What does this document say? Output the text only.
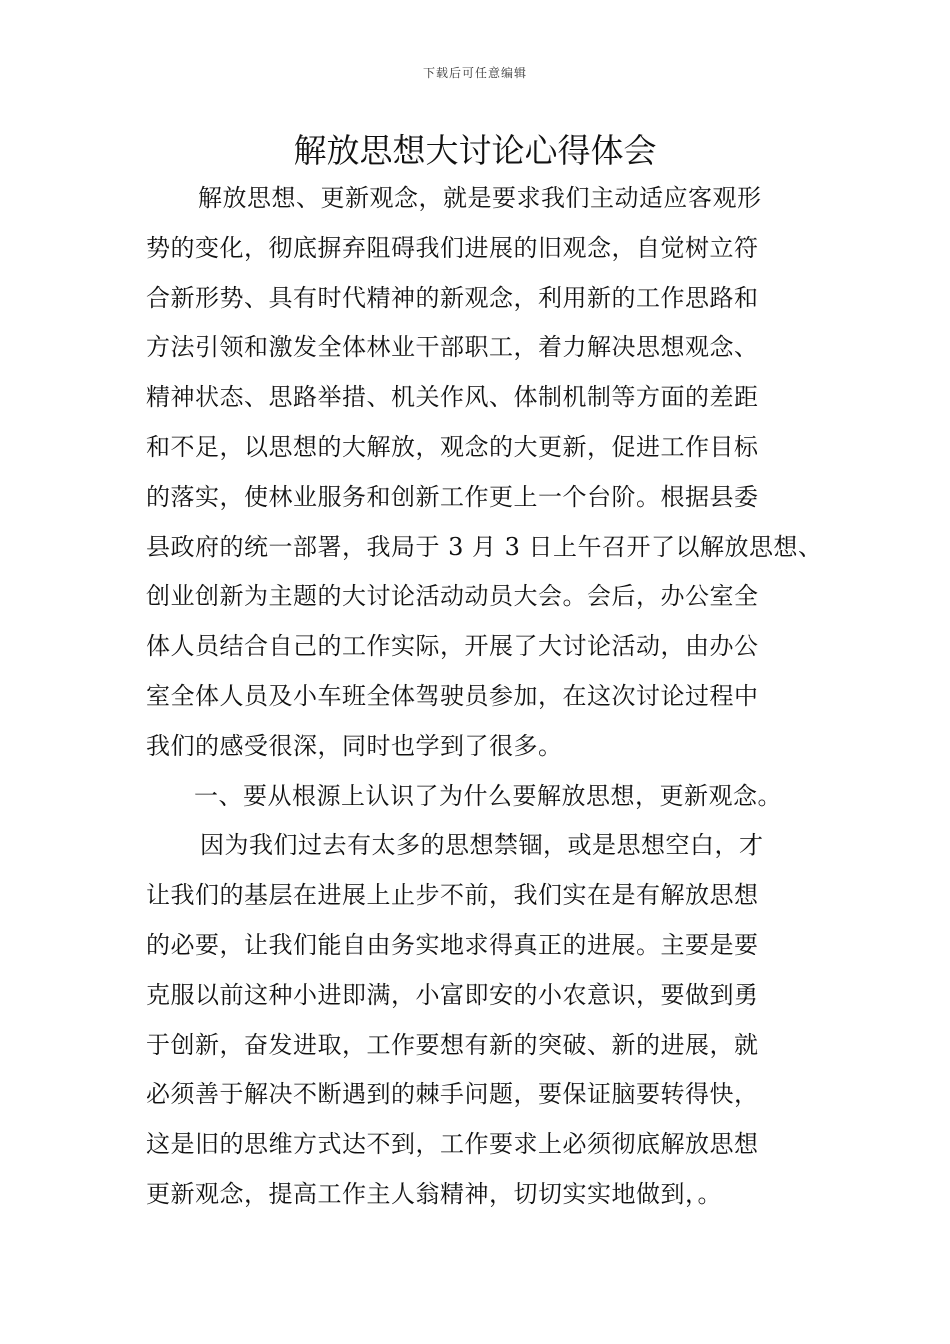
下载后可任意编辑
解放思想大讨论心得体会
解放思想、更新观念，就是要求我们主动适应客观形
势的变化，彻底摒弃阻碍我们进展的旧观念，自觉树立符
合新形势、具有时代精神的新观念，利用新的工作思路和
方法引领和激发全体林业干部职工，着力解决思想观念、
精神状态、思路举措、机关作风、体制机制等方面的差距
和不足，以思想的大解放，观念的大更新，促进工作目标
的落实，使林业服务和创新工作更上一个台阶。根据县委
县政府的统一部署，我局于 3 月 3 日上午召开了以解放思想、
创业创新为主题的大讨论活动动员大会。会后，办公室全
体人员结合自己的工作实际，开展了大讨论活动，由办公
室全体人员及小车班全体驾驶员参加，在这次讨论过程中
我们的感受很深，同时也学到了很多。
一、要从根源上认识了为什么要解放思想，更新观念。
因为我们过去有太多的思想禁锢，或是思想空白，才
让我们的基层在进展上止步不前，我们实在是有解放思想
的必要，让我们能自由务实地求得真正的进展。主要是要
克服以前这种小进即满，小富即安的小农意识，要做到勇
于创新，奋发进取，工作要想有新的突破、新的进展，就
必须善于解决不断遇到的棘手问题，要保证脑要转得快，
这是旧的思维方式达不到，工作要求上必须彻底解放思想
更新观念，提高工作主人翁精神，切切实实地做到，。
